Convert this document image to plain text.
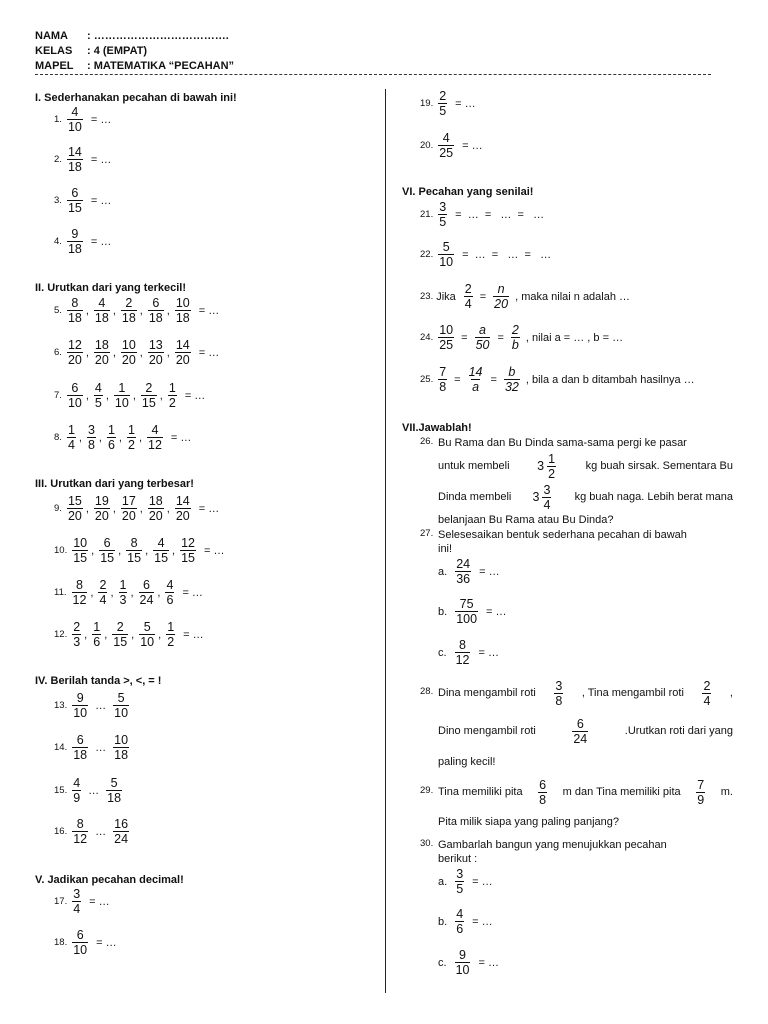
NAMA	: ……………………………….
KELAS	: 4 (EMPAT)
MAPEL	: MATEMATIKA “PECAHAN”
I. Sederhanakan pecahan di bawah ini!
1. $\frac{4}{10}$ = …
2. $\frac{14}{18}$ = …
3. $\frac{6}{15}$ = …
4. $\frac{9}{18}$ = …
II. Urutkan dari yang terkecil!
5. $\frac{8}{18}$ , $\frac{4}{18}$ , $\frac{2}{18}$ , $\frac{6}{18}$ , $\frac{10}{18}$ = …
6. $\frac{12}{20}$ , $\frac{18}{20}$ , $\frac{10}{20}$ , $\frac{13}{20}$ , $\frac{14}{20}$ = …
7. $\frac{6}{10}$ , $\frac{4}{5}$ , $\frac{1}{10}$ , $\frac{2}{15}$ , $\frac{1}{2}$ = …
8. $\frac{1}{4}$ , $\frac{3}{8}$ , $\frac{1}{6}$ , $\frac{1}{2}$ , $\frac{4}{12}$ = …
III. Urutkan dari yang terbesar!
9. $\frac{15}{20}$ , $\frac{19}{20}$ , $\frac{17}{20}$ , $\frac{18}{20}$ , $\frac{14}{20}$ = …
10. $\frac{10}{15}$ , $\frac{6}{15}$ , $\frac{8}{15}$ , $\frac{4}{15}$ , $\frac{12}{15}$ = …
11. $\frac{8}{12}$ , $\frac{2}{4}$ , $\frac{1}{3}$ , $\frac{6}{24}$ , $\frac{4}{6}$ = …
12. $\frac{2}{3}$ , $\frac{1}{6}$ , $\frac{2}{15}$ , $\frac{5}{10}$ , $\frac{1}{2}$ = …
IV. Berilah tanda >, <, = !
13. $\frac{9}{10}$ … $\frac{5}{10}$
14. $\frac{6}{18}$ … $\frac{10}{18}$
15. $\frac{4}{9}$ … $\frac{5}{18}$
16. $\frac{8}{12}$ … $\frac{16}{24}$
V. Jadikan pecahan decimal!
17. $\frac{3}{4}$ = …
18. $\frac{6}{10}$ = …
19. $\frac{2}{5}$ = …
20. $\frac{4}{25}$ = …
VI. Pecahan yang senilai!
21. $\frac{3}{5}$ =  …  =   …  =   …
22. $\frac{5}{10}$ =  …  =   …  =   …
23. Jika $\frac{2}{4} = \frac{n}{20}$ , maka nilai n adalah …
24. $\frac{10}{25} = \frac{a}{50} = \frac{2}{b}$ , nilai a = … , b = …
25. $\frac{7}{8} = \frac{14}{a} = \frac{b}{32}$ , bila a dan b ditambah hasilnya …
VII.Jawablah!
26. Bu Rama dan Bu Dinda sama-sama pergi ke pasar
untuk membeli $3 \frac{1}{2}$	kg buah sirsak. Sementara Bu
Dinda membeli $3 \frac{3}{4}$ kg buah naga. Lebih berat mana
belanjaan Bu Rama atau Bu Dinda?
27. Selesesaikan bentuk sederhana pecahan di bawah
ini!
a. $\frac{24}{36}$ = …
b. $\frac{75}{100}$ = …
c. $\frac{8}{12}$ = …
28. Dina mengambil roti $\frac{3}{8}$ , Tina mengambil roti $\frac{2}{4}$ ,
Dino mengambil roti	$\frac{6}{24}$	.Urutkan roti dari yang
paling kecil!
29. Tina memiliki pita $\frac{6}{8}$ m dan Tina memiliki pita $\frac{7}{9} m$.
Pita milik siapa yang paling panjang?
30. Gambarlah bangun yang menujukkan pecahan
berikut :
a. $\frac{3}{5}$ = …
b. $\frac{4}{6}$ = …
c. $\frac{9}{10}$ = …
